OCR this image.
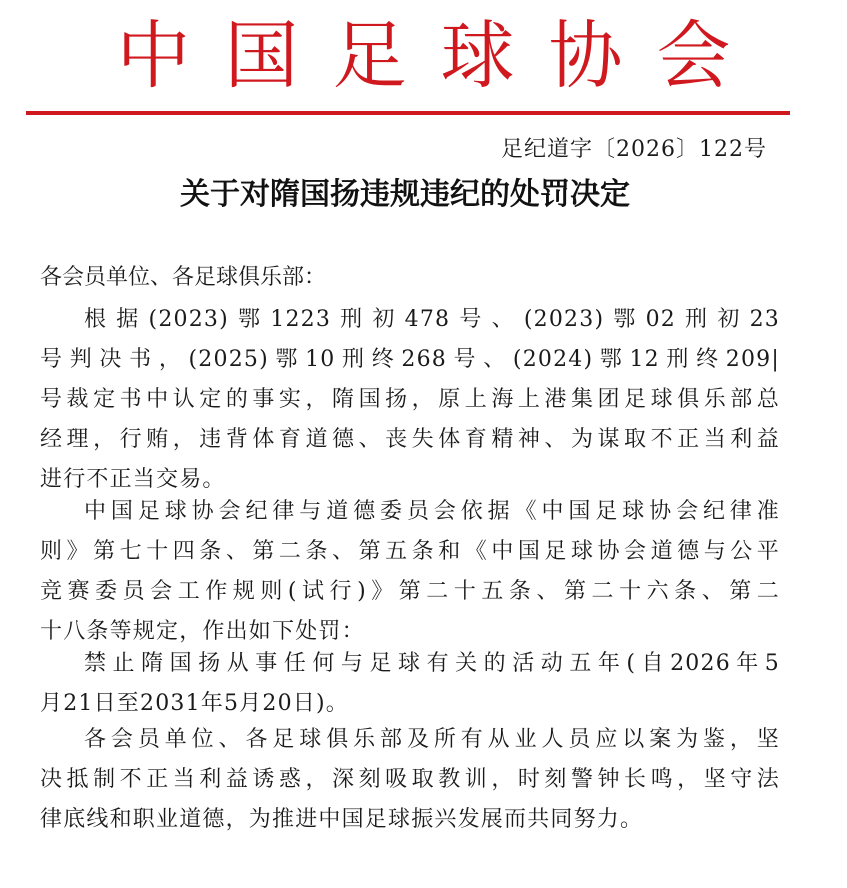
中国足球协会
足纪道字〔2026〕122号
关于对隋国扬违规违纪的处罚决定
各会员单位、各足球俱乐部：
根据(2023)鄂1223刑初478号、(2023)鄂02刑初23
号判决书，(2025)鄂10刑终268号、(2024)鄂12刑终209|
号裁定书中认定的事实，隋国扬，原上海上港集团足球俱乐部总
经理，行贿，违背体育道德、丧失体育精神、为谋取不正当利益
进行不正当交易。
中国足球协会纪律与道德委员会依据《中国足球协会纪律准
则》第七十四条、第二条、第五条和《中国足球协会道德与公平
竞赛委员会工作规则(试行)》第二十五条、第二十六条、第二
十八条等规定，作出如下处罚：
禁止隋国扬从事任何与足球有关的活动五年(自2026年5
月21日至2031年5月20日)。
各会员单位、各足球俱乐部及所有从业人员应以案为鉴，坚
决抵制不正当利益诱惑，深刻吸取教训，时刻警钟长鸣，坚守法
律底线和职业道德，为推进中国足球振兴发展而共同努力。
